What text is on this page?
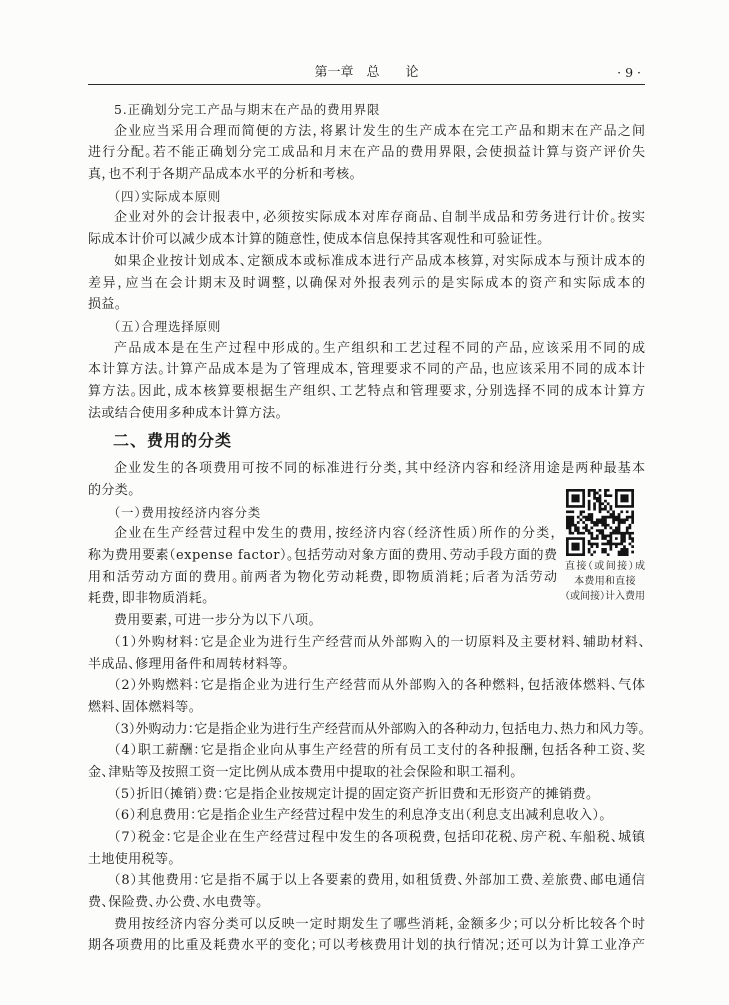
第一章　总　　论	· 9 ·
5.正确划分完工产品与期末在产品的费用界限
企业应当采用合理而简便的方法，将累计发生的生产成本在完工产品和期末在产品之间
进行分配。若不能正确划分完工成品和月末在产品的费用界限，会使损益计算与资产评价失
真，也不利于各期产品成本水平的分析和考核。
（四）实际成本原则
企业对外的会计报表中，必须按实际成本对库存商品、自制半成品和劳务进行计价。按实
际成本计价可以减少成本计算的随意性，使成本信息保持其客观性和可验证性。
如果企业按计划成本、定额成本或标准成本进行产品成本核算，对实际成本与预计成本的
差异，应当在会计期末及时调整，以确保对外报表列示的是实际成本的资产和实际成本的
损益。
（五）合理选择原则
产品成本是在生产过程中形成的。生产组织和工艺过程不同的产品，应该采用不同的成
本计算方法。计算产品成本是为了管理成本，管理要求不同的产品，也应该采用不同的成本计
算方法。因此，成本核算要根据生产组织、工艺特点和管理要求，分别选择不同的成本计算方
法或结合使用多种成本计算方法。
二、费用的分类
企业发生的各项费用可按不同的标准进行分类，其中经济内容和经济用途是两种最基本
的分类。
（一）费用按经济内容分类
企业在生产经营过程中发生的费用，按经济内容（经济性质）所作的分类，
称为费用要素（expense factor）。包括劳动对象方面的费用、劳动手段方面的费
用和活劳动方面的费用。前两者为物化劳动耗费，即物质消耗；后者为活劳动
耗费，即非物质消耗。
费用要素，可进一步分为以下八项。
（1）外购材料：它是企业为进行生产经营而从外部购入的一切原料及主要材料、辅助材料、
半成品、修理用备件和周转材料等。
（2）外购燃料：它是指企业为进行生产经营而从外部购入的各种燃料，包括液体燃料、气体
燃料、固体燃料等。
（3）外购动力：它是指企业为进行生产经营而从外部购入的各种动力，包括电力、热力和风力等。
（4）职工薪酬：它是指企业向从事生产经营的所有员工支付的各种报酬，包括各种工资、奖
金、津贴等及按照工资一定比例从成本费用中提取的社会保险和职工福利。
（5）折旧（摊销）费：它是指企业按规定计提的固定资产折旧费和无形资产的摊销费。
（6）利息费用：它是指企业生产经营过程中发生的利息净支出（利息支出减利息收入）。
（7）税金：它是企业在生产经营过程中发生的各项税费，包括印花税、房产税、车船税、城镇
土地使用税等。
（8）其他费用：它是指不属于以上各要素的费用，如租赁费、外部加工费、差旅费、邮电通信
费、保险费、办公费、水电费等。
费用按经济内容分类可以反映一定时期发生了哪些消耗，金额多少；可以分析比较各个时
期各项费用的比重及耗费水平的变化；可以考核费用计划的执行情况；还可以为计算工业净产
直接（或间接）成
本费用和直接
（或间接）计入费用
